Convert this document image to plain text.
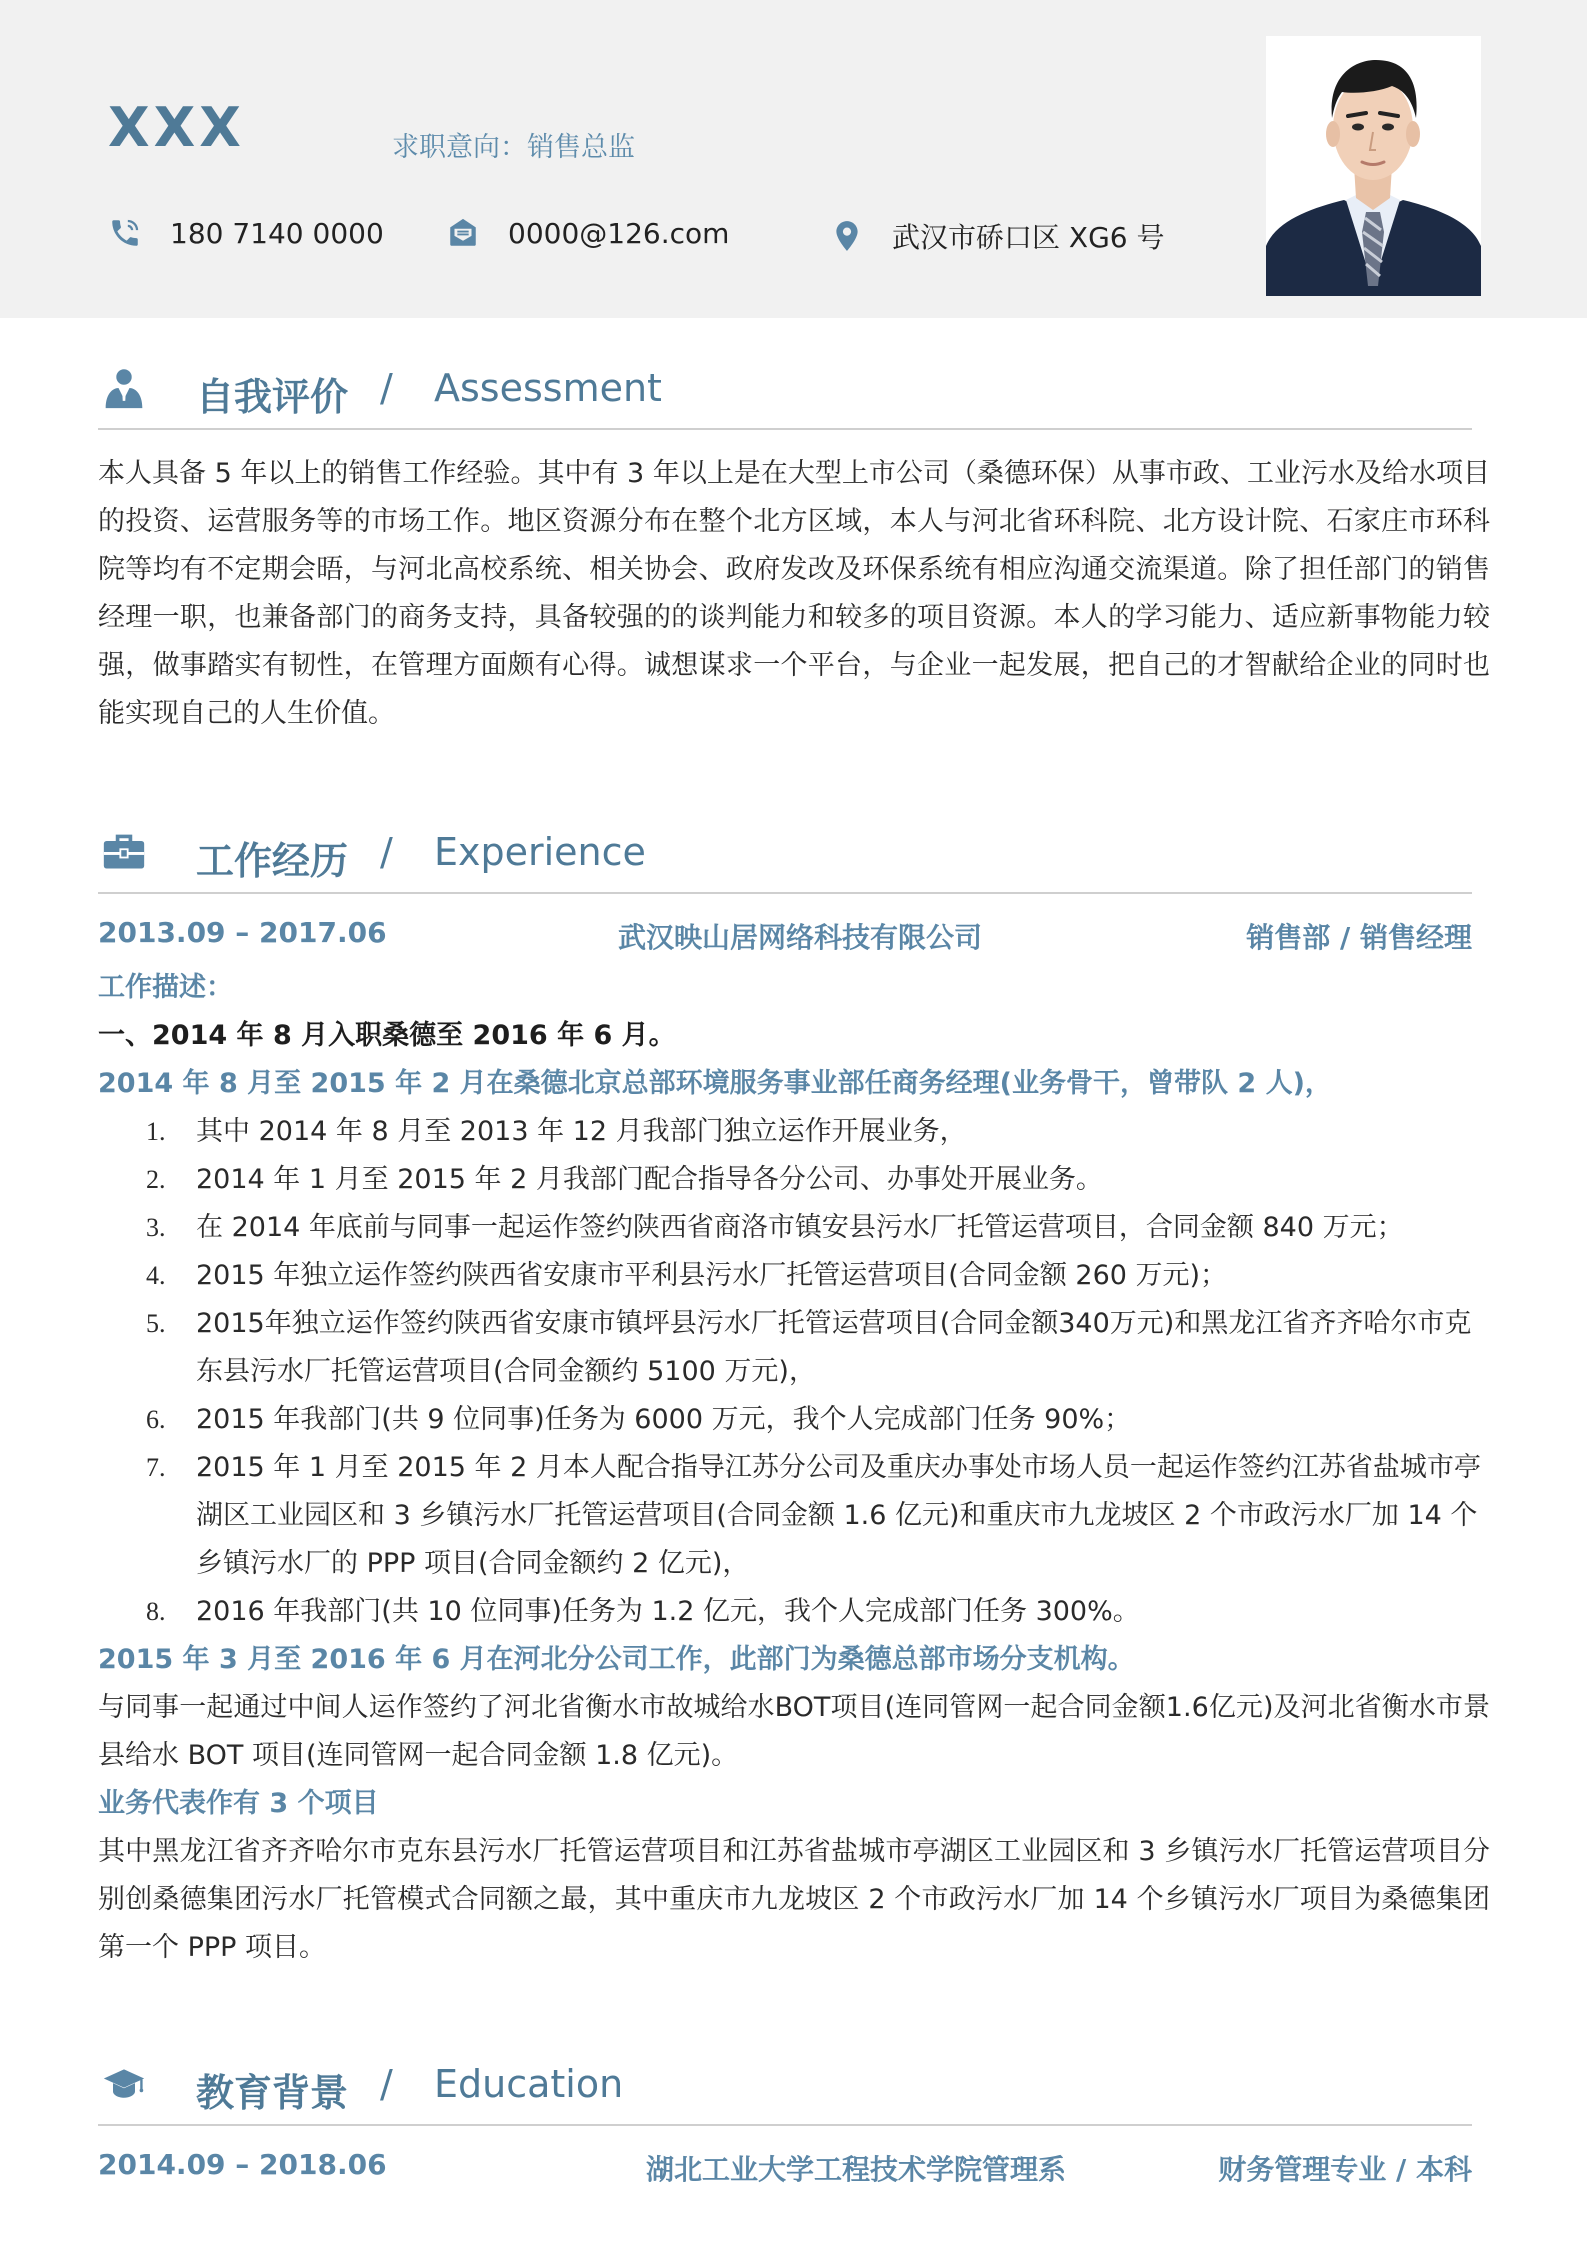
XXX	求职意向：销售总监
180 7140 0000	0000@126.com	武汉市硚口区 XG6 号
自我评价 / Assessment
本人具备 5 年以上的销售工作经验。其中有 3 年以上是在大型上市公司（桑德环保）从事市政、工业污水及给水项目的投资、运营服务等的市场工作。地区资源分布在整个北方区域，本人与河北省环科院、北方设计院、石家庄市环科院等均有不定期会晤，与河北高校系统、相关协会、政府发改及环保系统有相应沟通交流渠道。除了担任部门的销售经理一职，也兼备部门的商务支持，具备较强的的谈判能力和较多的项目资源。本人的学习能力、适应新事物能力较强，做事踏实有韧性，在管理方面颇有心得。诚想谋求一个平台，与企业一起发展，把自己的才智献给企业的同时也能实现自己的人生价值。
工作经历 / Experience
2013.09 – 2017.06	武汉映山居网络科技有限公司	销售部 / 销售经理
工作描述：
一、2014 年 8 月入职桑德至 2016 年 6 月。
2014 年 8 月至 2015 年 2 月在桑德北京总部环境服务事业部任商务经理(业务骨干，曾带队 2 人)，
1. 其中 2014 年 8 月至 2013 年 12 月我部门独立运作开展业务，
2. 2014 年 1 月至 2015 年 2 月我部门配合指导各分公司、办事处开展业务。
3. 在 2014 年底前与同事一起运作签约陕西省商洛市镇安县污水厂托管运营项目，合同金额 840 万元；
4. 2015 年独立运作签约陕西省安康市平利县污水厂托管运营项目(合同金额 260 万元)；
5. 2015年独立运作签约陕西省安康市镇坪县污水厂托管运营项目(合同金额340万元)和黑龙江省齐齐哈尔市克东县污水厂托管运营项目(合同金额约 5100 万元)，
6. 2015 年我部门(共 9 位同事)任务为 6000 万元，我个人完成部门任务 90%；
7. 2015 年 1 月至 2015 年 2 月本人配合指导江苏分公司及重庆办事处市场人员一起运作签约江苏省盐城市亭湖区工业园区和 3 乡镇污水厂托管运营项目(合同金额 1.6 亿元)和重庆市九龙坡区 2 个市政污水厂加 14 个乡镇污水厂的 PPP 项目(合同金额约 2 亿元)，
8. 2016 年我部门(共 10 位同事)任务为 1.2 亿元，我个人完成部门任务 300%。
2015 年 3 月至 2016 年 6 月在河北分公司工作，此部门为桑德总部市场分支机构。
与同事一起通过中间人运作签约了河北省衡水市故城给水BOT项目(连同管网一起合同金额1.6亿元)及河北省衡水市景县给水 BOT 项目(连同管网一起合同金额 1.8 亿元)。
业务代表作有 3 个项目
其中黑龙江省齐齐哈尔市克东县污水厂托管运营项目和江苏省盐城市亭湖区工业园区和 3 乡镇污水厂托管运营项目分别创桑德集团污水厂托管模式合同额之最，其中重庆市九龙坡区 2 个市政污水厂加 14 个乡镇污水厂项目为桑德集团第一个 PPP 项目。
教育背景 / Education
2014.09 – 2018.06	湖北工业大学工程技术学院管理系	财务管理专业 / 本科
